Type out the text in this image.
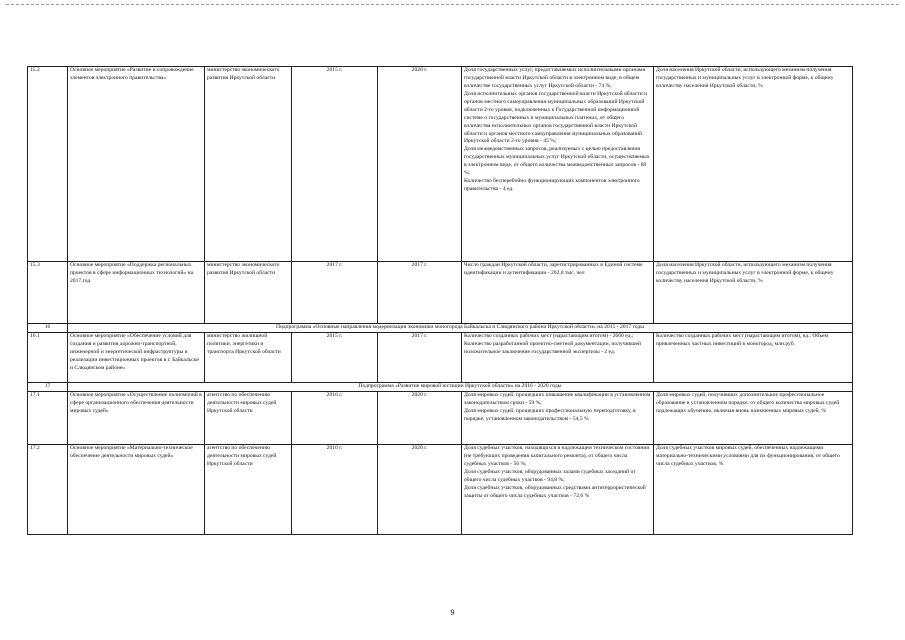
15.2	Основное мероприятие «Развитие и сопровождение элементов электронного правительства»	министерство экономического развития Иркутской области	2015 г.	2020 г.	Доля государственных услуг, предоставляемых исполнительными органами государственной власти Иркутской области в электронном виде, в общем количестве государственных услуг Иркутской области - 74 %;
Доля исполнительных органов государственной власти Иркутской области и органов местного самоуправления муниципальных образований Иркутской области 2-го уровня, подключенных к Государственной информационной системе о государственных и муниципальных платежах, от общего количества исполнительных органов государственной власти Иркутской области и органов местного самоуправления муниципальных образований Иркутской области 2-го уровня - 45 %;
Доля межведомственных запросов, реализуемых с целью предоставления государственных муниципальных услуг Иркутской области, осуществляемых в электронном виде, от общего количества межведомственных запросов - 80 %;
Количество бесперебойно функционирующих компонентов электронного правительства - 4 ед.	Доля населения Иркутской области, использующего механизм получения государственных и муниципальных услуг в электронной форме, к общему количеству населения Иркутской области, %
15.3	Основное мероприятие «Поддержка региональных проектов в сфере информационных технологий» на 2017 год	министерство экономического развития Иркутской области	2017 г.	2017 г.	Число граждан Иркутской области, зарегистрированных в Единой системе идентификации и аутентификации - 202,8 тыс. чел	Доля населения Иркутской области, использующего механизм получения государственных и муниципальных услуг в электронной форме, к общему количеству населения Иркутской области, %
16	Подпрограмма «Основные направления модернизации экономики моногорода Байкальска и Слюдянского района Иркутской области» на 2015 - 2017 годы					
16.1	Основное мероприятие «Обеспечение условий для создания и развития дорожно-транспортной, инженерной и энергетической инфраструктуры и реализации инвестиционных проектов в г. Байкальске и Слюдянском районе»	министерство жилищной политики, энергетики и транспорта Иркутской области	2015 г.	2017 г.	Количество созданных рабочих мест (нарастающим итогом) - 2600 ед.;
Количество разработанной проектно-сметной документации, получившей положительное заключение государственной экспертизы - 2 ед.	Количество созданных рабочих мест (нарастающим итогом), ед.; Объем привлеченных частных инвестиций в моногород, млн.руб.
17	Подпрограмма «Развитие мировой юстиции Иркутской области» на 2016 - 2020 годы					
17.1	Основное мероприятие «Осуществление полномочий в сфере организационного обеспечения деятельности мировых судей»	агентство по обеспечению деятельности мировых судей Иркутской области	2016 г.	2020 г.	Доля мировых судей, прошедших повышение квалификации в установленном законодательством сроки - 59 %;
Доля мировых судей, прошедших профессиональную переподготовку, в порядке, установленном законодательством - 54,5 %	Доля мировых судей, получивших дополнительное профессиональное образование в установленном порядке, от общего количества мировых судей подлежащих обучению, включая вновь назначенных мировых судей, %
17.2	Основное мероприятие «Материально-техническое обеспечение деятельности мировых судей»	агентство по обеспечению деятельности мировых судей Иркутской области	2016 г.	2020 г.	Доля судебных участков, находящихся в надлежащем техническом состоянии (не требующих проведения капитального ремонта), от общего числа судебных участков - 56 %;
Доля судебных участков, оборудованных залами судебных заседаний от общего числа судебных участков - 94,8 %;
Доля судебных участков, оборудованных средствами антитеррористической защиты от общего числа судебных участков - 72,6 %	Доля судебных участков мировых судей, обеспеченных надлежащими материально-техническими условиями для их функционирования, от общего числа судебных участков, %
9
